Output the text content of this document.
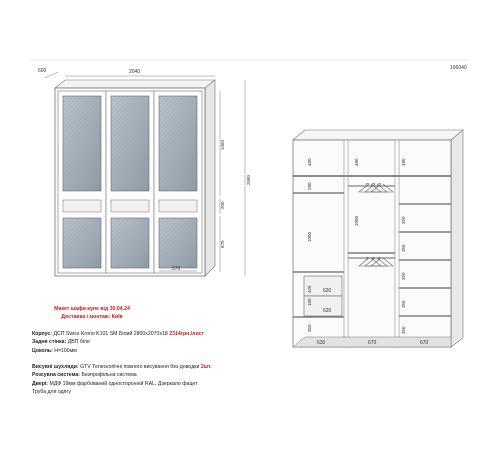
600	2040
2680
1360
200
870
570
480
280
1000
420
180
350
480
1000
480
350
350
350
350
350
620
620
630	670	670
196040
Макет шафи-купе від 30.04.24
Доставка і монтаж: Київ
Корпус: ДСП Swiss Krono K101 SM Білий 2800х2070х18 2314грн./лист
Задня стінка: ДВП біле
Цоколь: H=100мм
Висувні шухляди: GTV Телескопічні повного висування без доводки 2шт.
Розсувна система: Безпрофільна система
Двері: МДФ 19мм фарбований односторонній RAL, Дзеркало фацет
Труба для одягу
